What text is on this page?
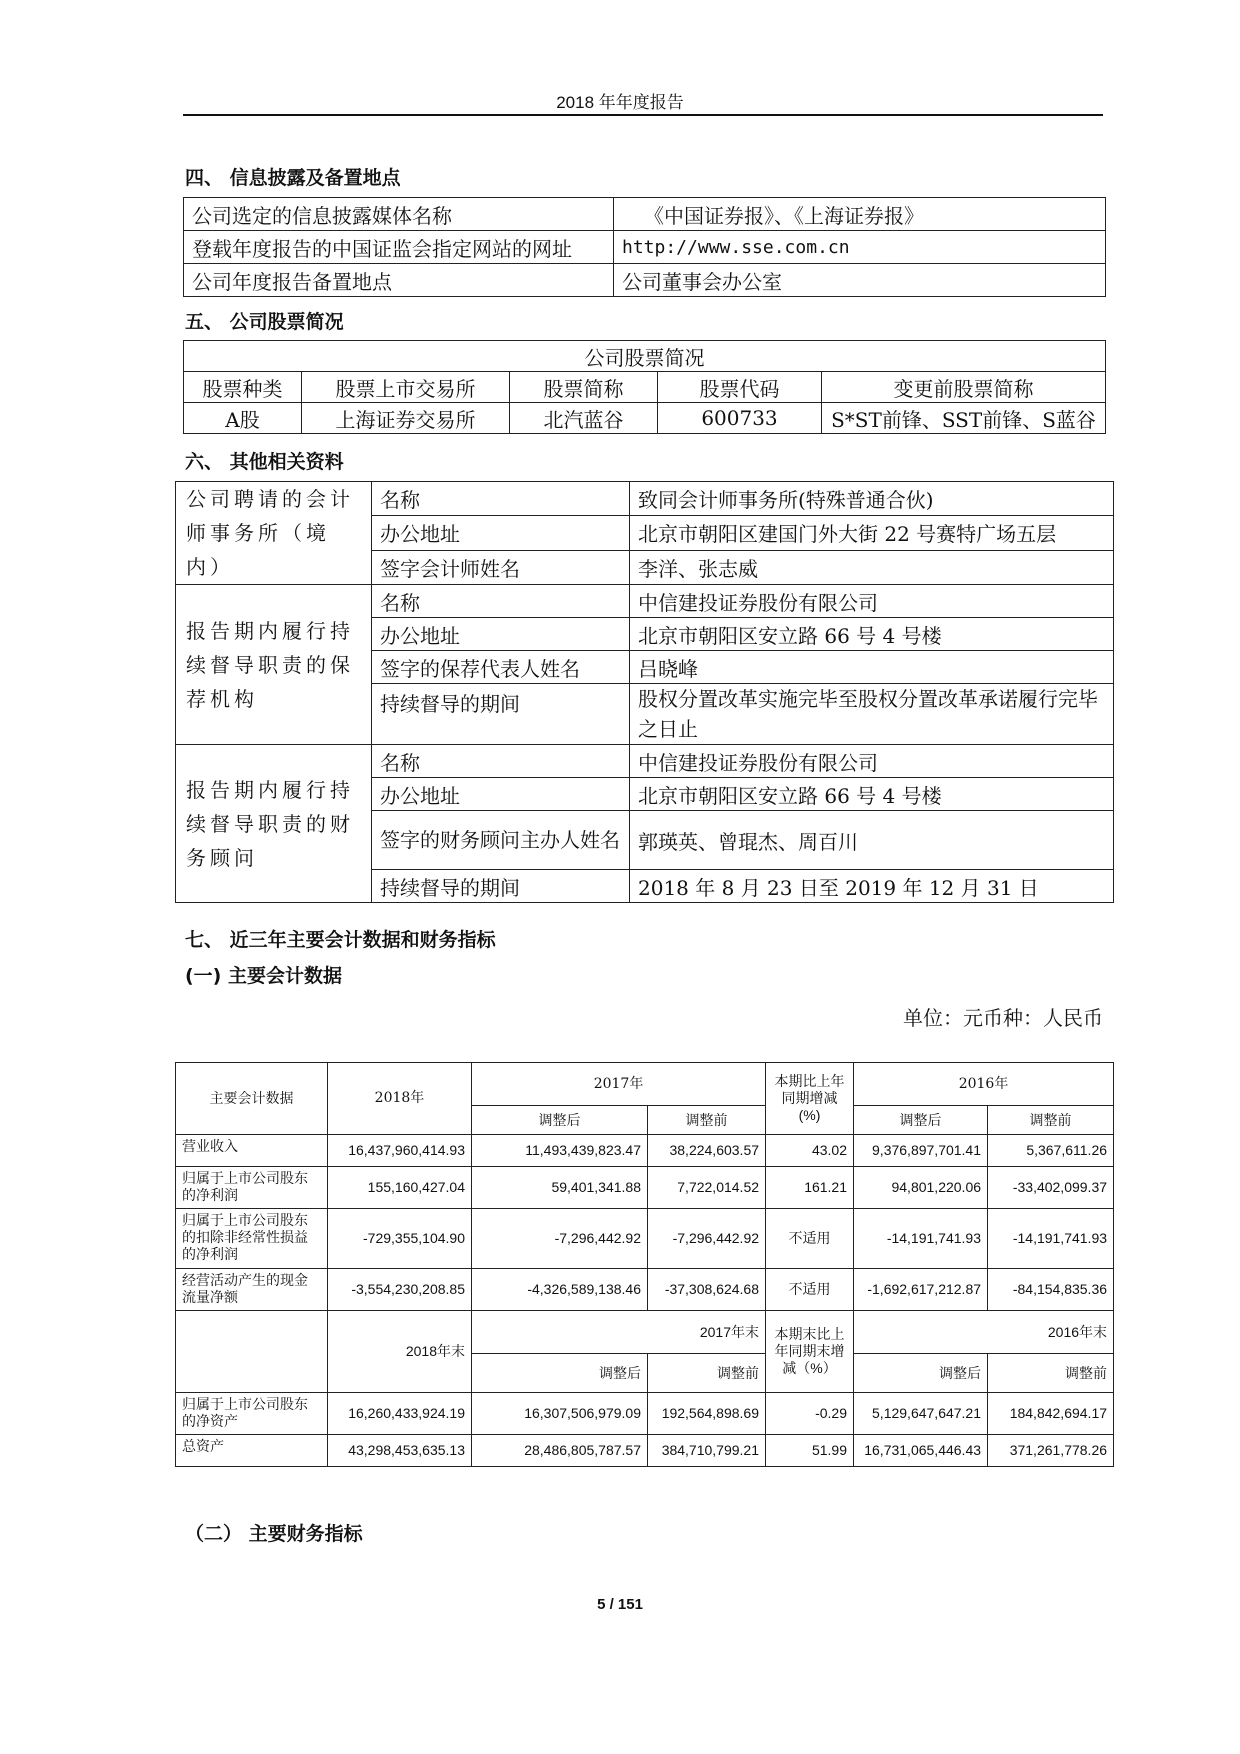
2018 年年度报告
四、 信息披露及备置地点
公司选定的信息披露媒体名称	《中国证券报》、《上海证券报》
登载年度报告的中国证监会指定网站的网址	http://www.sse.com.cn
公司年度报告备置地点	公司董事会办公室
五、 公司股票简况
公司股票简况				
股票种类	股票上市交易所	股票简称	股票代码	变更前股票简称
A股	上海证券交易所	北汽蓝谷	600733	S*ST前锋、SST前锋、S蓝谷
六、 其他相关资料
公司聘请的会计师事务所（境内）	名称	致同会计师事务所(特殊普通合伙)
	办公地址	北京市朝阳区建国门外大街 22 号赛特广场五层
	签字会计师姓名	李洋、张志威
报告期内履行持续督导职责的保荐机构	名称	中信建投证券股份有限公司
	办公地址	北京市朝阳区安立路 66 号 4 号楼
	签字的保荐代表人姓名	吕晓峰
	持续督导的期间	股权分置改革实施完毕至股权分置改革承诺履行完毕之日止
报告期内履行持续督导职责的财务顾问	名称	中信建投证券股份有限公司
	办公地址	北京市朝阳区安立路 66 号 4 号楼
	签字的财务顾问主办人姓名	郭瑛英、曾琨杰、周百川
	持续督导的期间	2018 年 8 月 23 日至 2019 年 12 月 31 日
七、 近三年主要会计数据和财务指标
(一) 主要会计数据
单位：元币种：人民币
主要会计数据	2018年	2017年		本期比上年同期增减(%)	2016年	
		调整后	调整前		调整后	调整前
营业收入	16,437,960,414.93	11,493,439,823.47	38,224,603.57	43.02	9,376,897,701.41	5,367,611.26
归属于上市公司股东的净利润	155,160,427.04	59,401,341.88	7,722,014.52	161.21	94,801,220.06	-33,402,099.37
归属于上市公司股东的扣除非经常性损益的净利润	-729,355,104.90	-7,296,442.92	-7,296,442.92	不适用	-14,191,741.93	-14,191,741.93
经营活动产生的现金流量净额	-3,554,230,208.85	-4,326,589,138.46	-37,308,624.68	不适用	-1,692,617,212.87	-84,154,835.36
	2018年末	2017年末		本期末比上年同期末增减（%）	2016年末	
		调整后	调整前		调整后	调整前
归属于上市公司股东的净资产	16,260,433,924.19	16,307,506,979.09	192,564,898.69	-0.29	5,129,647,647.21	184,842,694.17
总资产	43,298,453,635.13	28,486,805,787.57	384,710,799.21	51.99	16,731,065,446.43	371,261,778.26
（二） 主要财务指标
5 / 151
